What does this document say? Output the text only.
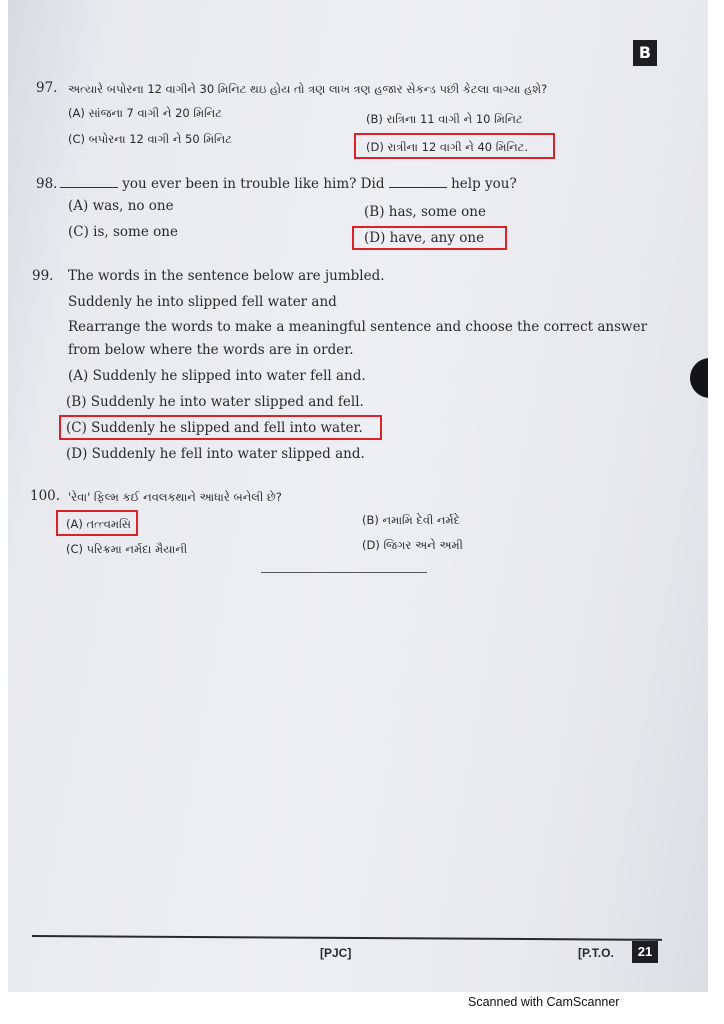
B
97. અત્યારે બપોરના 12 વાગીને 30 મિનિટ થઇ હોય તો ત્રણ લાખ ત્રણ હજાર સેકન્ડ પછી કેટલા વાગ્યા હશે?
(A) સાંજના 7 વાગી ને 20 મિનિટ	(B) રાત્રિના 11 વાગી ને 10 મિનિટ
(C) બપોરના 12 વાગી ને 50 મિનિટ
(D) રાત્રીના 12 વાગી ને 40 મિનિટ.
98.	you ever been in trouble like him? Did	help you?
(A) was, no one	(B) has, some one
(C) is, some one	(D) have, any one
99. The words in the sentence below are jumbled.
Suddenly he into slipped fell water and
Rearrange the words to make a meaningful sentence and choose the correct answer
from below where the words are in order.
(A) Suddenly he slipped into water fell and.
(B) Suddenly he into water slipped and fell.
(C) Suddenly he slipped and fell into water.
(D) Suddenly he fell into water slipped and.
100. 'રેવા' ફિલ્મ કઈ નવલકથાને આધારે બનેલી છે?
(A) તત્ત્વમસિ	(B) નમામિ દેવી નર્મદે
(C) પરિક્રમા નર્મદા મૈયાની	(D) જિગર અને અમી
[PJC]	[P.T.O.	21
Scanned with CamScanner
